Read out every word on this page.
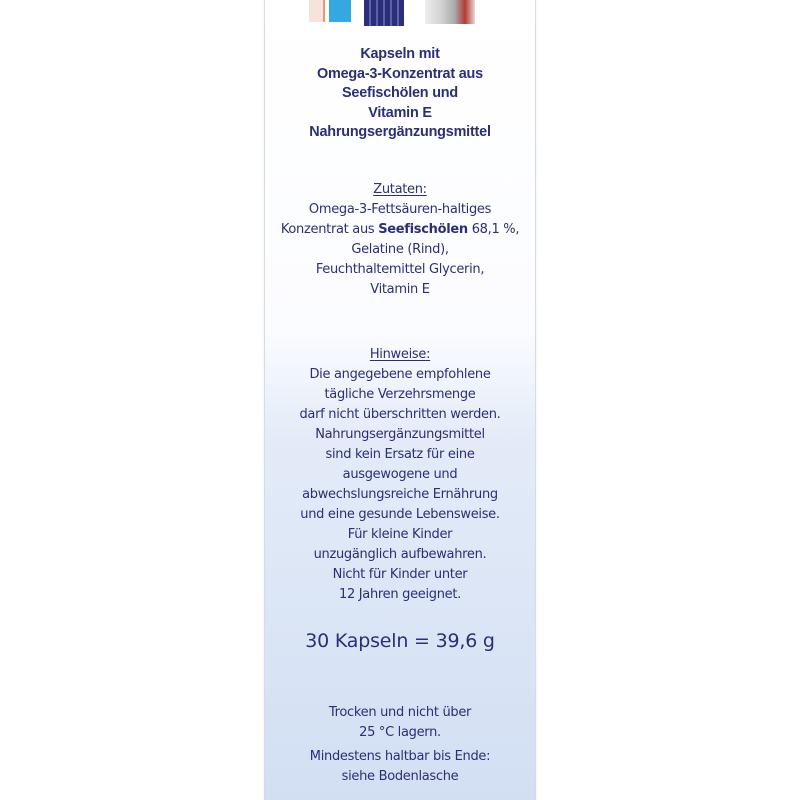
Kapseln mit
Omega-3-Konzentrat aus
Seefischölen und
Vitamin E
Nahrungsergänzungsmittel
Zutaten:
Omega-3-Fettsäuren-haltiges
Konzentrat aus Seefischölen 68,1 %,
Gelatine (Rind),
Feuchthaltemittel Glycerin,
Vitamin E
Hinweise:
Die angegebene empfohlene
tägliche Verzehrsmenge
darf nicht überschritten werden.
Nahrungsergänzungsmittel
sind kein Ersatz für eine
ausgewogene und
abwechslungsreiche Ernährung
und eine gesunde Lebensweise.
Für kleine Kinder
unzugänglich aufbewahren.
Nicht für Kinder unter
12 Jahren geeignet.
30 Kapseln = 39,6 g
Trocken und nicht über
25 °C lagern.
Mindestens haltbar bis Ende:
siehe Bodenlasche
